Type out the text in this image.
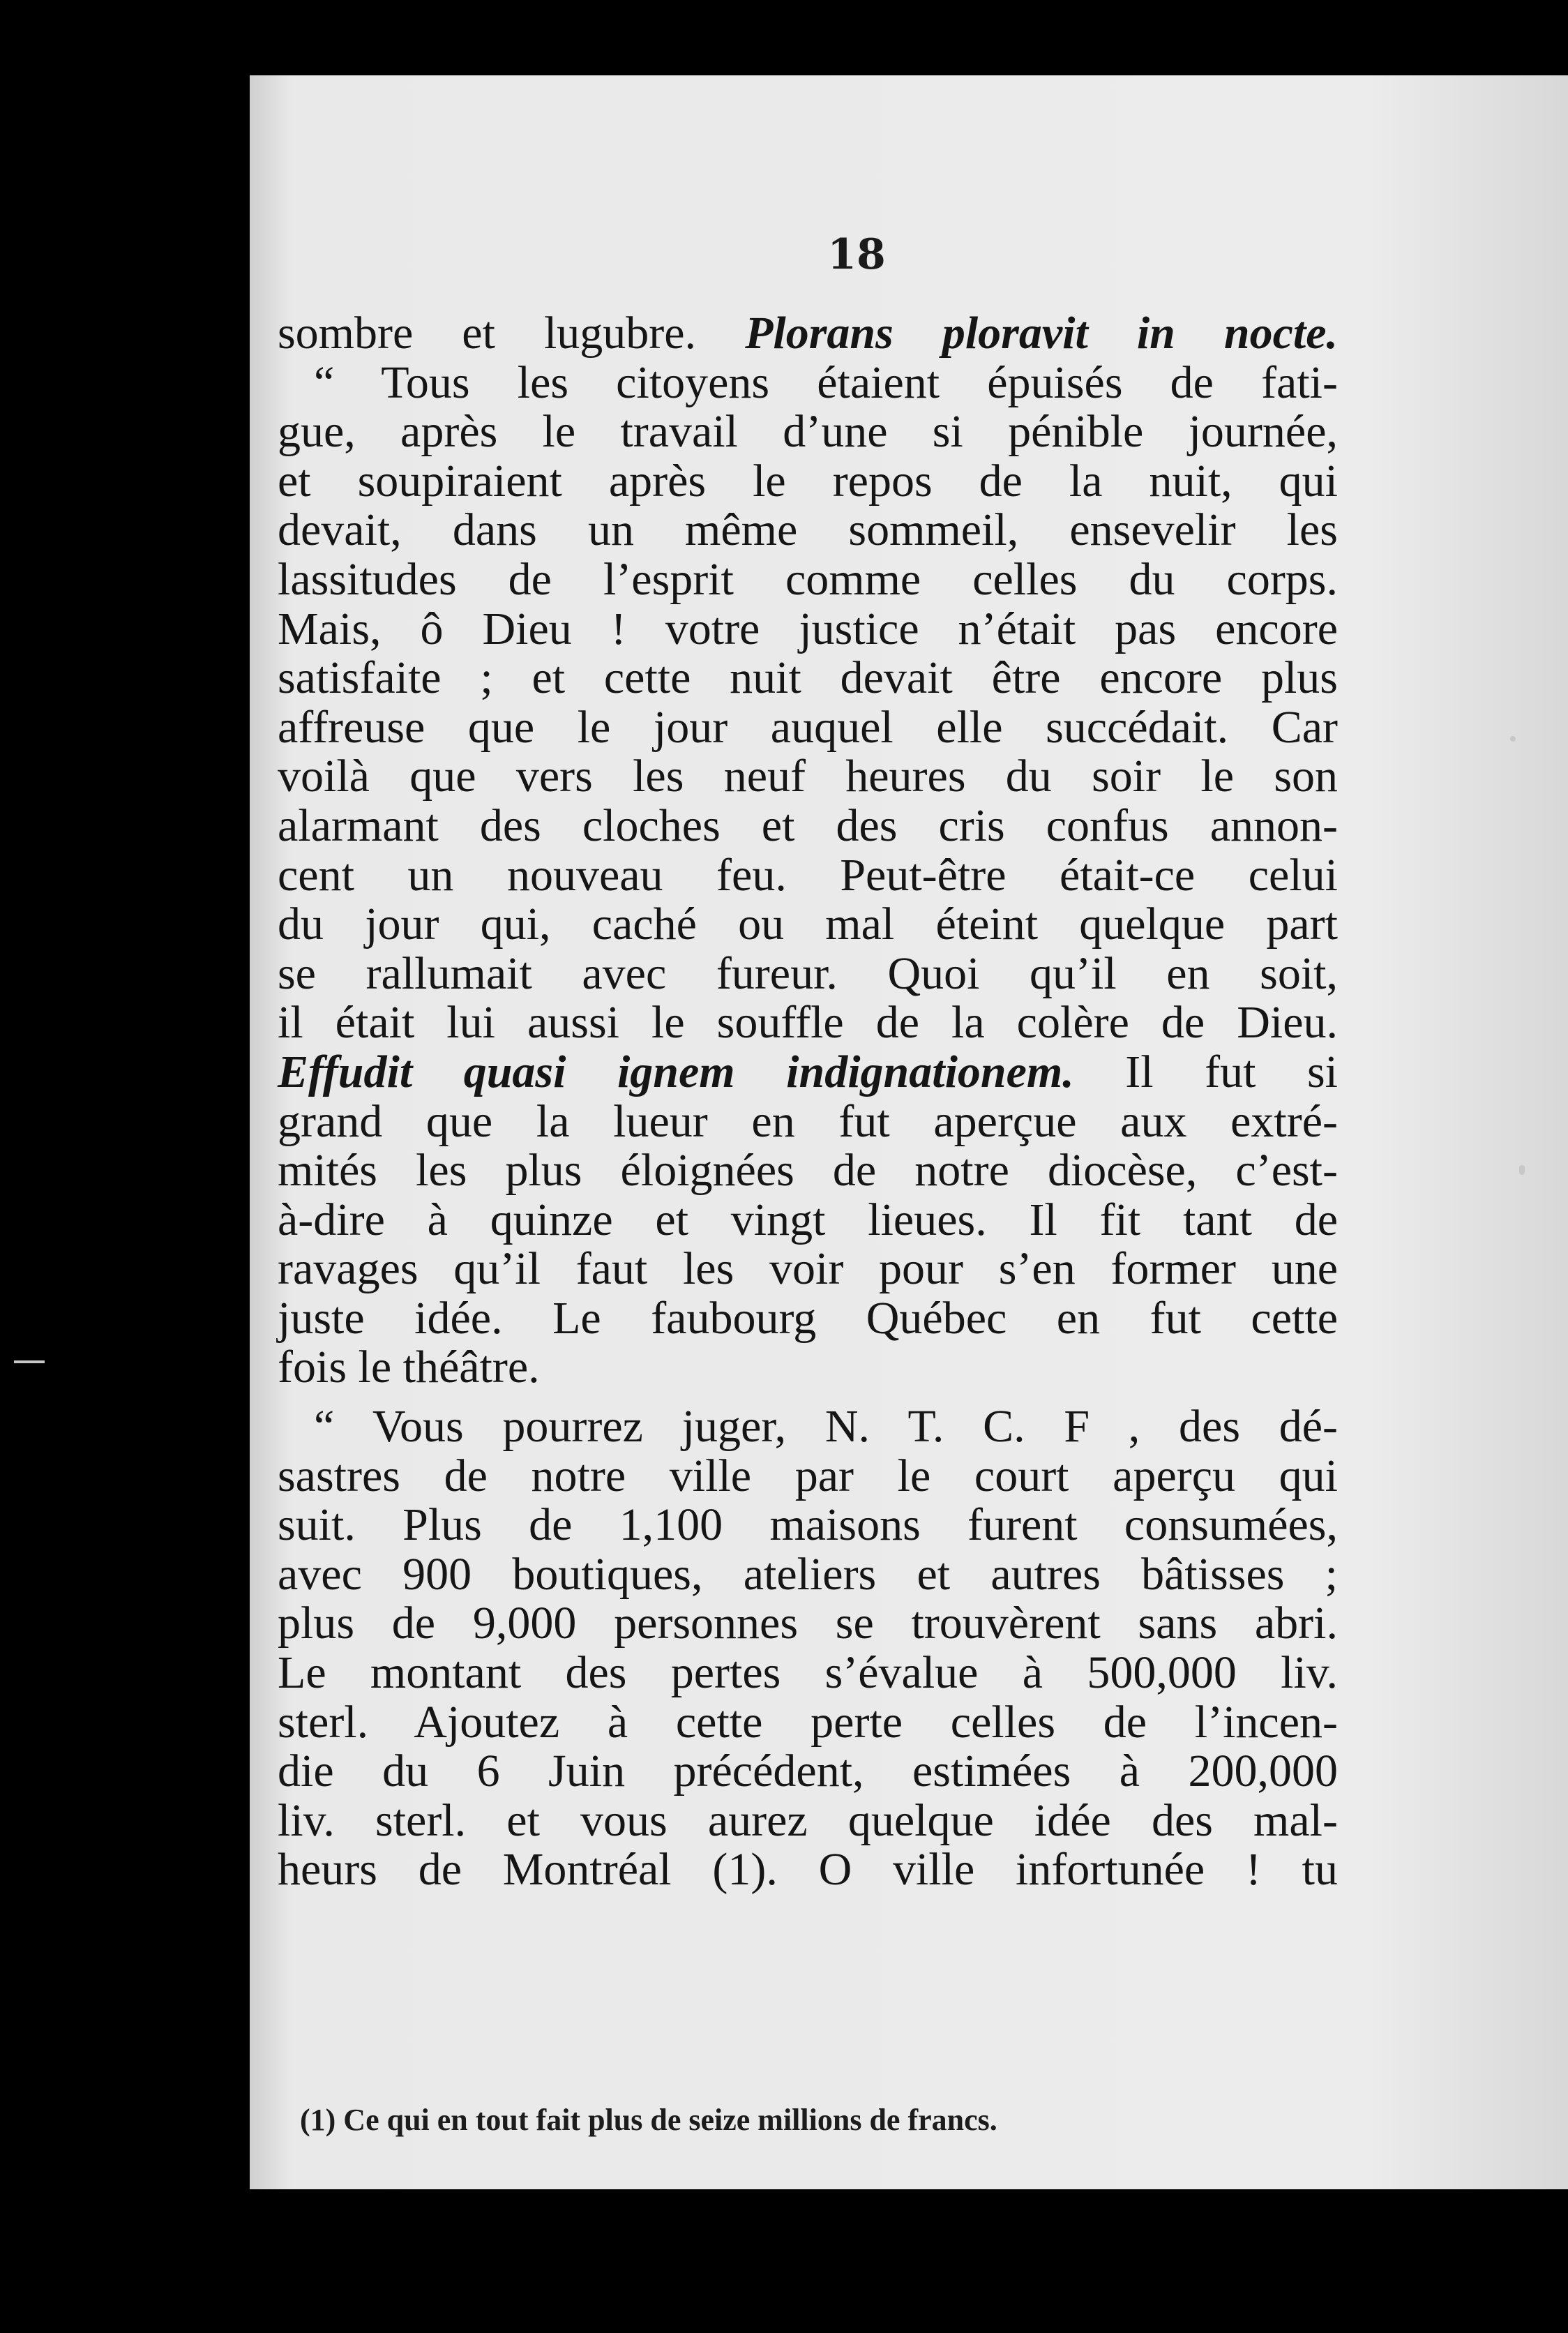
18
sombre et lugubre. Plorans ploravit in nocte.
“ Tous les citoyens étaient épuisés de fati-
gue, après le travail d’une si pénible journée,
et soupiraient après le repos de la nuit, qui
devait, dans un même sommeil, ensevelir les
lassitudes de l’esprit comme celles du corps.
Mais, ô Dieu ! votre justice n’était pas encore
satisfaite ; et cette nuit devait être encore plus
affreuse que le jour auquel elle succédait. Car
voilà que vers les neuf heures du soir le son
alarmant des cloches et des cris confus annon-
cent un nouveau feu. Peut-être était-ce celui
du jour qui, caché ou mal éteint quelque part
se rallumait avec fureur. Quoi qu’il en soit,
il était lui aussi le souffle de la colère de Dieu.
Effudit quasi ignem indignationem. Il fut si
grand que la lueur en fut aperçue aux extré-
mités les plus éloignées de notre diocèse, c’est-
à-dire à quinze et vingt lieues. Il fit tant de
ravages qu’il faut les voir pour s’en former une
juste idée. Le faubourg Québec en fut cette
fois le théâtre.
“ Vous pourrez juger, N. T. C. F , des dé-
sastres de notre ville par le court aperçu qui
suit. Plus de 1,100 maisons furent consumées,
avec 900 boutiques, ateliers et autres bâtisses ;
plus de 9,000 personnes se trouvèrent sans abri.
Le montant des pertes s’évalue à 500,000 liv.
sterl. Ajoutez à cette perte celles de l’incen-
die du 6 Juin précédent, estimées à 200,000
liv. sterl. et vous aurez quelque idée des mal-
heurs de Montréal (1). O ville infortunée ! tu
(1) Ce qui en tout fait plus de seize millions de francs.
